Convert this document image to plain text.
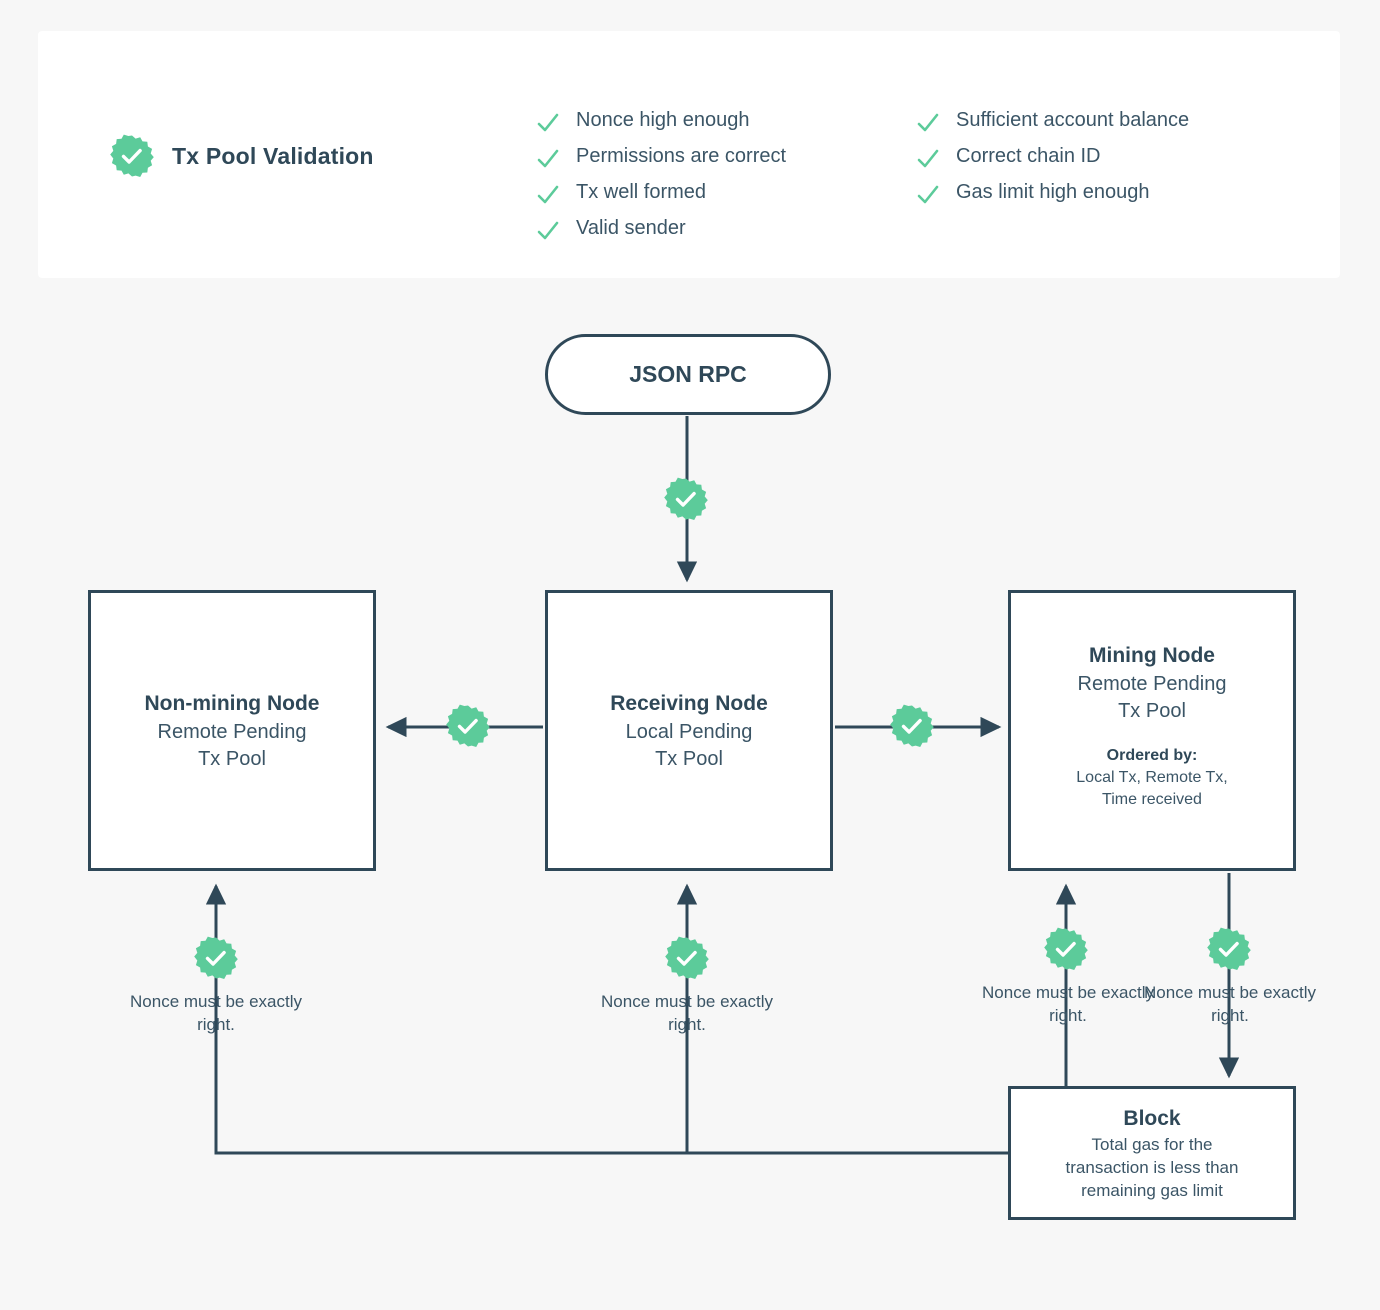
Tx Pool Validation
Nonce high enough
Permissions are correct
Tx well formed
Valid sender
Sufficient account balance
Correct chain ID
Gas limit high enough
JSON RPC
Non-mining Node
Remote Pending
Tx Pool
Receiving Node
Local Pending
Tx Pool
Mining Node
Remote Pending
Tx Pool
Ordered by:
Local Tx, Remote Tx,
Time received
Block
Total gas for the
transaction is less than
remaining gas limit
Nonce must be exactly right.
Nonce must be exactly right.
Nonce must be exactly right.
Nonce must be exactly right.
